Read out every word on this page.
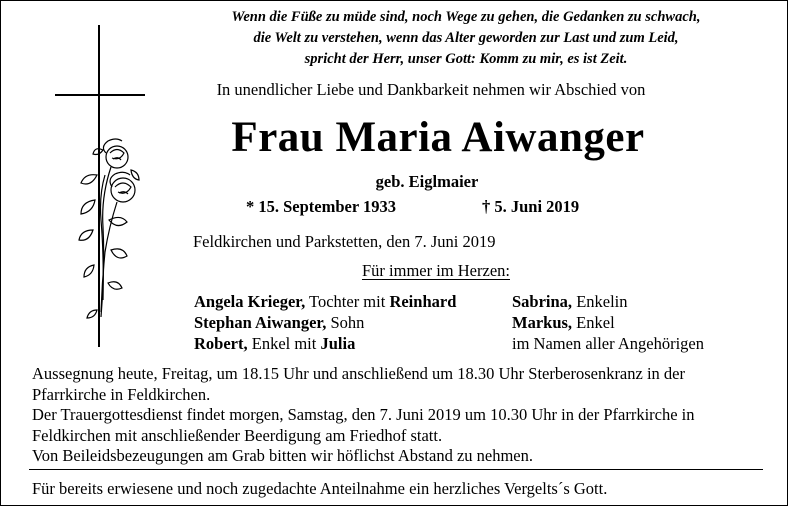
Wenn die Füße zu müde sind, noch Wege zu gehen, die Gedanken zu schwach,
die Welt zu verstehen, wenn das Alter geworden zur Last und zum Leid,
spricht der Herr, unser Gott: Komm zu mir, es ist Zeit.
In unendlicher Liebe und Dankbarkeit nehmen wir Abschied von
Frau Maria Aiwanger
geb. Eiglmaier
* 15. September 1933	† 5. Juni 2019
Feldkirchen und Parkstetten, den 7. Juni 2019
Für immer im Herzen:
Angela Krieger, Tochter mit Reinhard
Stephan Aiwanger, Sohn
Robert, Enkel mit Julia
Sabrina, Enkelin
Markus, Enkel
im Namen aller Angehörigen
Aussegnung heute, Freitag, um 18.15 Uhr und anschließend um 18.30 Uhr Sterberosenkranz in der
Pfarrkirche in Feldkirchen.
Der Trauergottesdienst findet morgen, Samstag, den 7. Juni 2019 um 10.30 Uhr in der Pfarrkirche in
Feldkirchen mit anschließender Beerdigung am Friedhof statt.
Von Beileidsbezeugungen am Grab bitten wir höflichst Abstand zu nehmen.
Für bereits erwiesene und noch zugedachte Anteilnahme ein herzliches Vergelts´s Gott.
